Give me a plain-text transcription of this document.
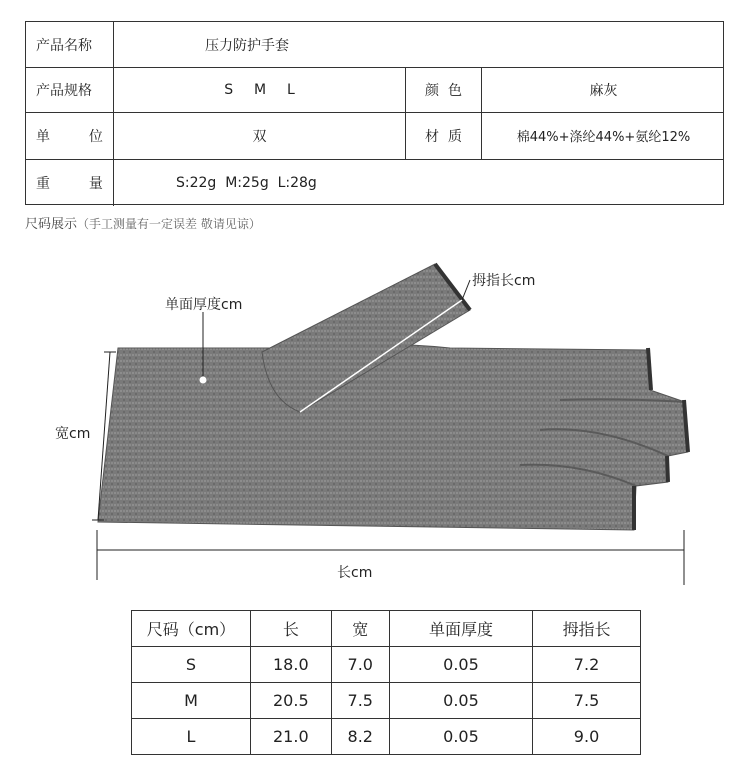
产品名称	压力防护手套
产品规格	S  M  L	颜  色	麻灰
单  位	双	材  质	棉44%+涤纶44%+氨纶12%
重  量	S:22g  M:25g  L:28g
尺码展示（手工测量有一定误差 敬请见谅）
拇指长cm
单面厚度cm
宽cm
长cm
尺码（cm）	长	宽	单面厚度	拇指长
S	18.0	7.0	0.05	7.2
M	20.5	7.5	0.05	7.5
L	21.0	8.2	0.05	9.0
